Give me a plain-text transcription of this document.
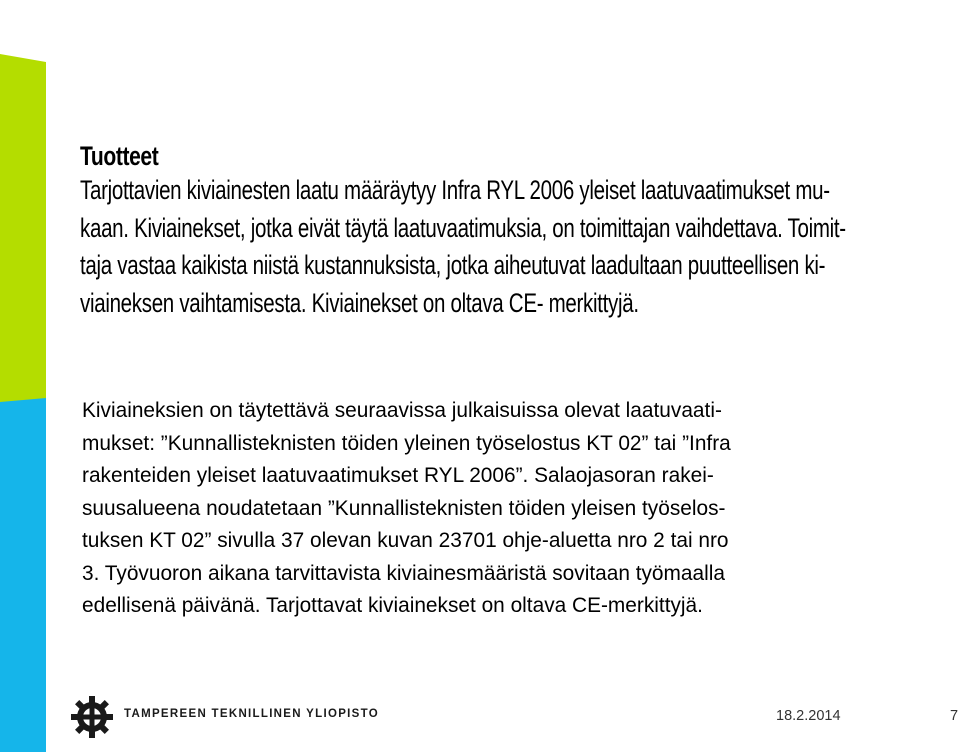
Tuotteet
Tarjottavien kiviainesten laatu määräytyy Infra RYL 2006 yleiset laatuvaatimukset mu-
kaan. Kiviainekset, jotka eivät täytä laatuvaatimuksia, on toimittajan vaihdettava. Toimit-
taja vastaa kaikista niistä kustannuksista, jotka aiheutuvat laadultaan puutteellisen ki-
viaineksen vaihtamisesta. Kiviainekset on oltava CE- merkittyjä.
Kiviaineksien on täytettävä seuraavissa julkaisuissa olevat laatuvaati-
mukset: ”Kunnallisteknisten töiden yleinen työselostus KT 02” tai ”Infra
rakenteiden yleiset laatuvaatimukset RYL 2006”. Salaojasoran rakei-
suusalueena noudatetaan ”Kunnallisteknisten töiden yleisen työselos-
tuksen KT 02” sivulla 37 olevan kuvan 23701 ohje-aluetta nro 2 tai nro
3. Työvuoron aikana tarvittavista kiviainesmääristä sovitaan työmaalla
edellisenä päivänä. Tarjottavat kiviainekset on oltava CE-merkittyjä.
TAMPEREEN TEKNILLINEN YLIOPISTO	18.2.2014	7
